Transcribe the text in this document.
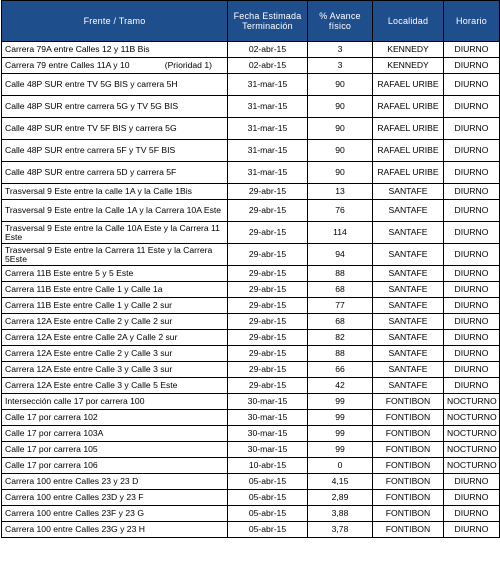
Frente / Tramo	Fecha Estimada Terminación	% Avance físico	Localidad	Horario
Carrera 79A entre Calles 12 y 11B Bis	02-abr-15	3	KENNEDY	DIURNO

Carrera 79 entre Calles 11A y 10 (Prioridad 1)	02-abr-15	3	KENNEDY	DIURNO
Calle 48P SUR entre TV 5G BIS y carrera 5H	31-mar-15	90	RAFAEL URIBE	DIURNO
Calle 48P SUR entre carrera 5G y TV 5G BIS	31-mar-15	90	RAFAEL URIBE	DIURNO
Calle 48P SUR entre TV 5F BIS y carrera 5G	31-mar-15	90	RAFAEL URIBE	DIURNO
Calle 48P SUR entre carrera 5F y TV 5F BIS	31-mar-15	90	RAFAEL URIBE	DIURNO
Calle 48P SUR entre carrera 5D y carrera 5F	31-mar-15	90	RAFAEL URIBE	DIURNO
Trasversal 9 Este entre la calle 1A y la Calle 1Bis	29-abr-15	13	SANTAFE	DIURNO
Trasversal 9 Este entre la Calle 1A y la Carrera 10A Este	29-abr-15	76	SANTAFE	DIURNO
Trasversal 9 Este entre la Calle 10A Este y la Carrera 11 Este	29-abr-15	114	SANTAFE	DIURNO
Trasversal 9 Este entre la Carrera 11 Este y la Carrera 5Este	29-abr-15	94	SANTAFE	DIURNO
Carrera 11B Este entre 5 y 5 Este	29-abr-15	88	SANTAFE	DIURNO
Carrera 11B Este entre Calle 1 y Calle 1a	29-abr-15	68	SANTAFE	DIURNO
Carrera 11B Este entre Calle 1 y Calle 2 sur	29-abr-15	77	SANTAFE	DIURNO
Carrera 12A Este entre Calle 2 y Calle 2 sur	29-abr-15	68	SANTAFE	DIURNO
Carrera 12A Este entre Calle 2A y Calle 2 sur	29-abr-15	82	SANTAFE	DIURNO
Carrera 12A Este entre Calle 2 y Calle 3 sur	29-abr-15	88	SANTAFE	DIURNO
Carrera 12A Este entre Calle 3 y Calle 3 sur	29-abr-15	66	SANTAFE	DIURNO
Carrera 12A Este entre Calle 3 y Calle 5 Este	29-abr-15	42	SANTAFE	DIURNO
Intersección calle 17 por carrera 100	30-mar-15	99	FONTIBON	NOCTURNO
Calle 17 por carrera 102	30-mar-15	99	FONTIBON	NOCTURNO
Calle 17 por carrera 103A	30-mar-15	99	FONTIBON	NOCTURNO
Calle 17 por carrera 105	30-mar-15	99	FONTIBON	NOCTURNO
Calle 17 por carrera 106	10-abr-15	0	FONTIBON	NOCTURNO
Carrera 100 entre Calles 23 y 23 D	05-abr-15	4,15	FONTIBON	DIURNO
Carrera 100 entre Calles 23D y 23 F	05-abr-15	2,89	FONTIBON	DIURNO
Carrera 100 entre Calles 23F y 23 G	05-abr-15	3,88	FONTIBON	DIURNO
Carrera 100 entre Calles 23G y 23 H	05-abr-15	3,78	FONTIBON	DIURNO
